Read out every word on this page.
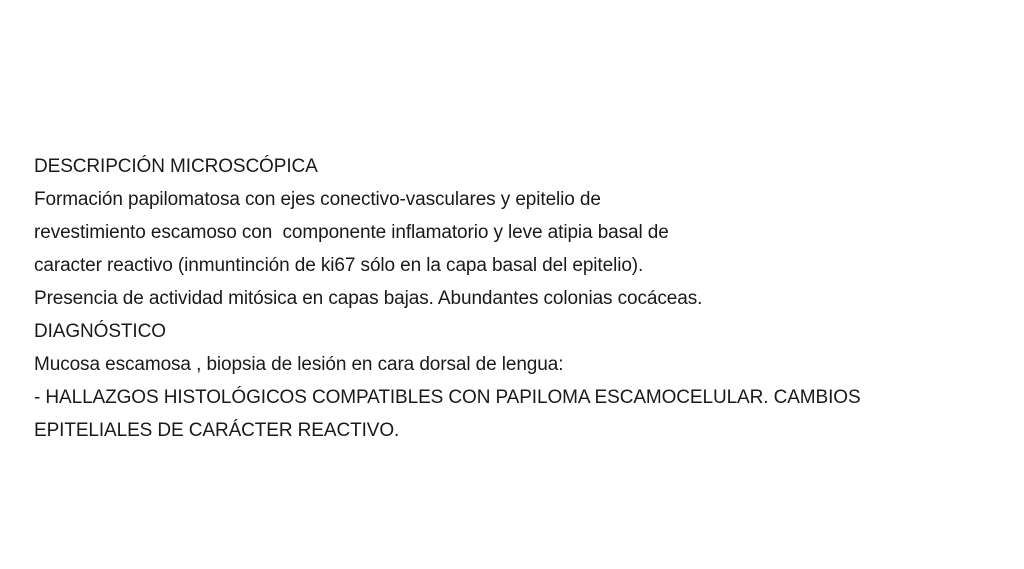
DESCRIPCIÓN MICROSCÓPICA
Formación papilomatosa con ejes conectivo-vasculares y epitelio de
revestimiento escamoso con  componente inflamatorio y leve atipia basal de
caracter reactivo (inmuntinción de ki67 sólo en la capa basal del epitelio).
Presencia de actividad mitósica en capas bajas. Abundantes colonias cocáceas.
DIAGNÓSTICO
Mucosa escamosa , biopsia de lesión en cara dorsal de lengua:
- HALLAZGOS HISTOLÓGICOS COMPATIBLES CON PAPILOMA ESCAMOCELULAR. CAMBIOS
EPITELIALES DE CARÁCTER REACTIVO.
